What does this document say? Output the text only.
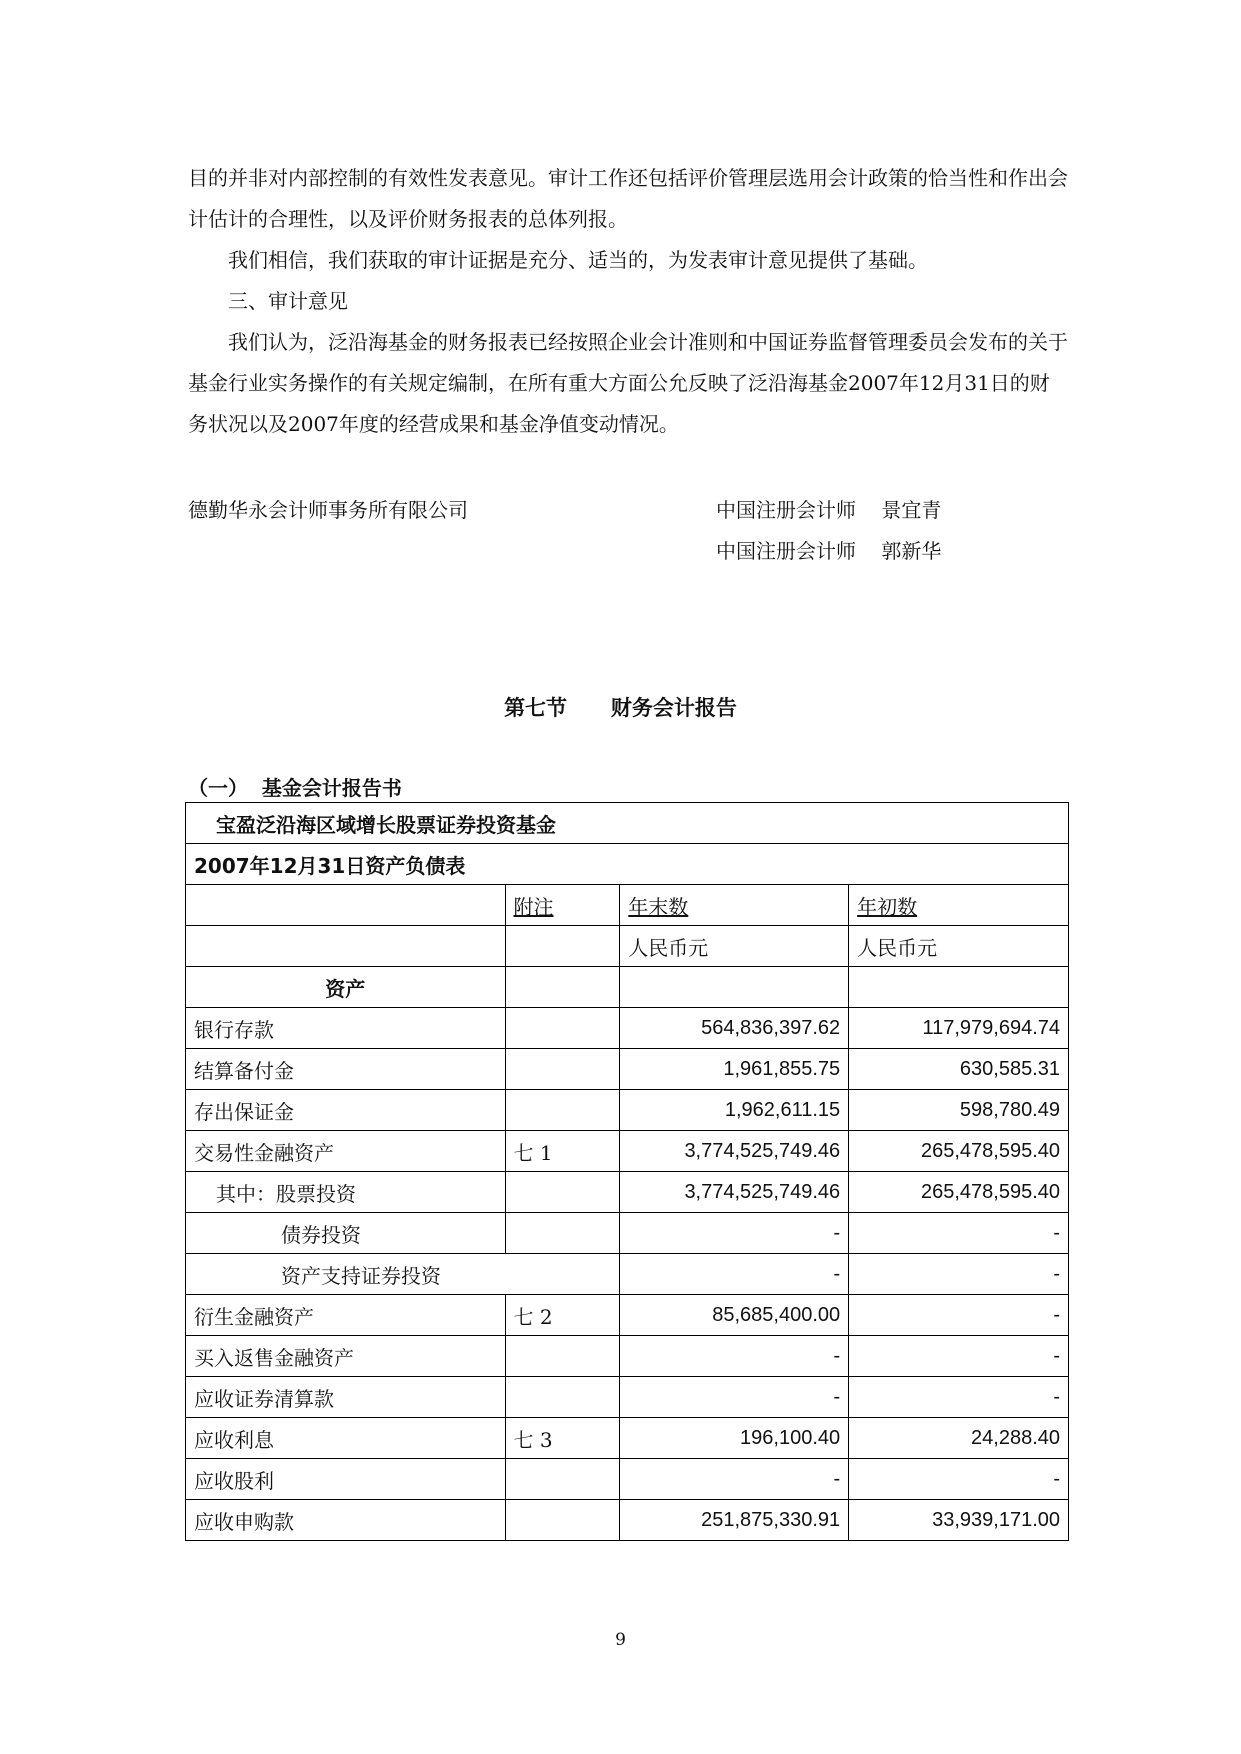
目的并非对内部控制的有效性发表意见。审计工作还包括评价管理层选用会计政策的恰当性和作出会计估计的合理性，以及评价财务报表的总体列报。

我们相信，我们获取的审计证据是充分、适当的，为发表审计意见提供了基础。

三、审计意见

我们认为，泛沿海基金的财务报表已经按照企业会计准则和中国证券监督管理委员会发布的关于基金行业实务操作的有关规定编制，在所有重大方面公允反映了泛沿海基金2007年12月31日的财务状况以及2007年度的经营成果和基金净值变动情况。

德勤华永会计师事务所有限公司	中国注册会计师    景宜青
中国注册会计师    郭新华
第七节      财务会计报告
（一）  基金会计报告书
宝盈泛沿海区域增长股票证券投资基金			
2007年12月31日资产负债表			
	附注	年末数	年初数
		人民币元	人民币元
资产			
银行存款		564,836,397.62	117,979,694.74
结算备付金		1,961,855.75	630,585.31
存出保证金		1,962,611.15	598,780.49
交易性金融资产	七 1	3,774,525,749.46	265,478,595.40
其中：股票投资		3,774,525,749.46	265,478,595.40
债券投资		-	-
资产支持证券投资		-	-
衍生金融资产	七 2	85,685,400.00	-
买入返售金融资产		-	-
应收证券清算款		-	-
应收利息	七 3	196,100.40	24,288.40
应收股利		-	-
应收申购款		251,875,330.91	33,939,171.00
9
